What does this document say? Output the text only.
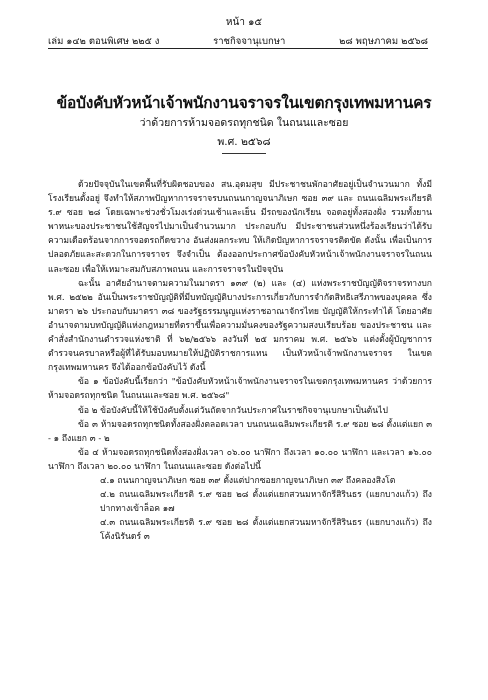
หน้า ๑๕
เล่ม ๑๔๒ ตอนพิเศษ ๒๒๕ ง	ราชกิจจานุเบกษา	๒๘ พฤษภาคม ๒๕๖๘
ข้อบังคับหัวหน้าเจ้าพนักงานจราจรในเขตกรุงเทพมหานคร
ว่าด้วยการห้ามจอดรถทุกชนิด ในถนนและซอย
พ.ศ. ๒๕๖๘

ด้วยปัจจุบันในเขตพื้นที่รับผิดชอบของ สน.อุดมสุข มีประชาชนพักอาศัยอยู่เป็นจำนวนมาก ทั้งมีโรงเรียนตั้งอยู่ จึงทำให้สภาพปัญหาการจราจรบนถนนกาญจนาภิเษก ซอย ๓๙ และ ถนนเฉลิมพระเกียรติ ร.๙ ซอย ๒๘ โดยเฉพาะช่วงชั่วโมงเร่งด่วนเช้าและเย็น มีรถของนักเรียน จอดอยู่ทั้งสองฝั่ง รวมทั้งยานพาหนะของประชาชนใช้สัญจรไปมาเป็นจำนวนมาก ประกอบกับ มีประชาชนส่วนหนึ่งร้องเรียนว่าได้รับความเดือดร้อนจากการจอดรถกีดขวาง อันส่งผลกระทบ ให้เกิดปัญหาการจราจรติดขัด ดังนั้น เพื่อเป็นการปลอดภัยและสะดวกในการจราจร จึงจำเป็น ต้องออกประกาศข้อบังคับหัวหน้าเจ้าพนักงานจราจรในถนนและซอย เพื่อให้เหมาะสมกับสภาพถนน และการจราจรในปัจจุบัน

ฉะนั้น อาศัยอำนาจตามความในมาตรา ๑๓๙ (๒) และ (๔) แห่งพระราชบัญญัติจราจรทางบก พ.ศ. ๒๕๒๒ อันเป็นพระราชบัญญัติที่มีบทบัญญัติบางประการเกี่ยวกับการจำกัดสิทธิเสรีภาพของบุคคล ซึ่งมาตรา ๒๖ ประกอบกับมาตรา ๓๘ ของรัฐธรรมนูญแห่งราชอาณาจักรไทย บัญญัติให้กระทำได้ โดยอาศัยอำนาจตามบทบัญญัติแห่งกฎหมายที่ตราขึ้นเพื่อความมั่นคงของรัฐความสงบเรียบร้อย ของประชาชน และคำสั่งสำนักงานตำรวจแห่งชาติ ที่ ๖๒/๒๕๖๖ ลงวันที่ ๒๕ มกราคม พ.ศ. ๒๕๖๖ แต่งตั้งผู้บัญชาการตำรวจนครบาลหรือผู้ที่ได้รับมอบหมายให้ปฏิบัติราชการแทน เป็นหัวหน้าเจ้าพนักงานจราจร ในเขตกรุงเทพมหานคร จึงได้ออกข้อบังคับไว้ ดังนี้

ข้อ ๑ ข้อบังคับนี้เรียกว่า "ข้อบังคับหัวหน้าเจ้าพนักงานจราจรในเขตกรุงเทพมหานคร ว่าด้วยการห้ามจอดรถทุกชนิด ในถนนและซอย พ.ศ. ๒๕๖๘"

ข้อ ๒ ข้อบังคับนี้ให้ใช้บังคับตั้งแต่วันถัดจากวันประกาศในราชกิจจานุเบกษาเป็นต้นไป

ข้อ ๓ ห้ามจอดรถทุกชนิดทั้งสองฝั่งตลอดเวลา บนถนนเฉลิมพระเกียรติ ร.๙ ซอย ๒๘ ตั้งแต่แยก ๓ - ๑ ถึงแยก ๓ - ๒

ข้อ ๔ ห้ามจอดรถทุกชนิดทั้งสองฝั่งเวลา ๐๖.๐๐ นาฬิกา ถึงเวลา ๑๐.๐๐ นาฬิกา และเวลา ๑๖.๐๐ นาฬิกา ถึงเวลา ๒๐.๐๐ นาฬิกา ในถนนและซอย ดังต่อไปนี้

๔.๑ ถนนกาญจนาภิเษก ซอย ๓๙ ตั้งแต่ปากซอยกาญจนาภิเษก ๓๙ ถึงคลองสิงโต

๔.๒ ถนนเฉลิมพระเกียรติ ร.๙ ซอย ๒๘ ตั้งแต่แยกสวนมหาจักรีสิรินธร (แยกบางแก้ว) ถึงปากทางเข้าล็อค ๑๗

๔.๓ ถนนเฉลิมพระเกียรติ ร.๙ ซอย ๒๘ ตั้งแต่แยกสวนมหาจักรีสิรินธร (แยกบางแก้ว) ถึงโค้งนิรันดร์ ๓
